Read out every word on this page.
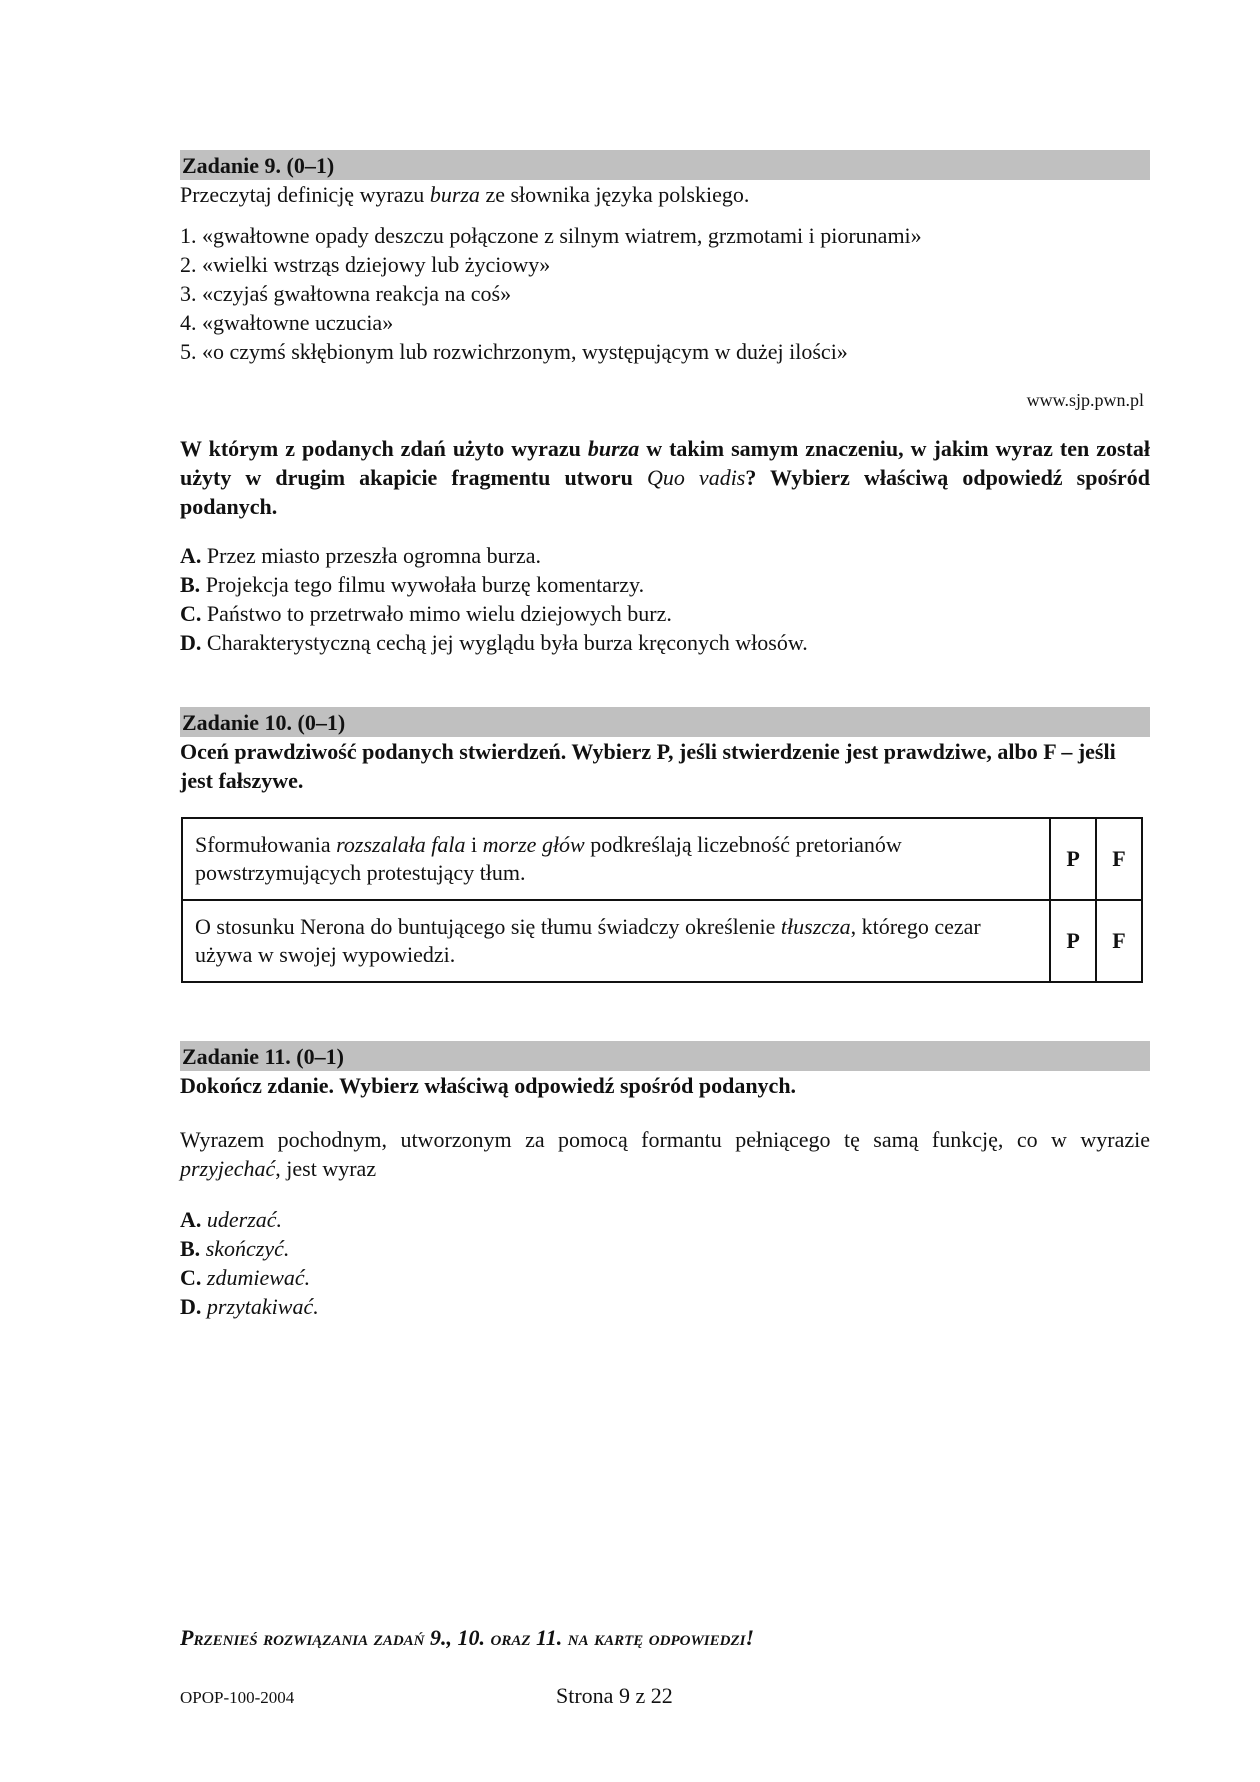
Zadanie 9. (0–1)

Przeczytaj definicję wyrazu burza ze słownika języka polskiego.

1. «gwałtowne opady deszczu połączone z silnym wiatrem, grzmotami i piorunami»
2. «wielki wstrząs dziejowy lub życiowy»
3. «czyjaś gwałtowna reakcja na coś»
4. «gwałtowne uczucia»
5. «o czymś skłębionym lub rozwichrzonym, występującym w dużej ilości»
www.sjp.pwn.pl

W którym z podanych zdań użyto wyrazu burza w takim samym znaczeniu, w jakim wyraz ten został użyty w drugim akapicie fragmentu utworu Quo vadis? Wybierz właściwą odpowiedź spośród podanych.

A. Przez miasto przeszła ogromna burza.
B. Projekcja tego filmu wywołała burzę komentarzy.
C. Państwo to przetrwało mimo wielu dziejowych burz.
D. Charakterystyczną cechą jej wyglądu była burza kręconych włosów.
Zadanie 10. (0–1)

Oceń prawdziwość podanych stwierdzeń. Wybierz P, jeśli stwierdzenie jest prawdziwe, albo F – jeśli jest fałszywe.

Sformułowania rozszalała fala i morze głów podkreślają liczebność pretorianów powstrzymujących protestujący tłum.	P	F
O stosunku Nerona do buntującego się tłumu świadczy określenie tłuszcza, którego cezar używa w swojej wypowiedzi.	P	F
Zadanie 11. (0–1)

Dokończ zdanie. Wybierz właściwą odpowiedź spośród podanych.

Wyrazem pochodnym, utworzonym za pomocą formantu pełniącego tę samą funkcję, co w wyrazie przyjechać, jest wyraz

A. uderzać.
B. skończyć.
C. zdumiewać.
D. przytakiwać.
Przenieś rozwiązania zadań 9., 10. oraz 11. na kartę odpowiedzi!
OPOP-100-2004	Strona 9 z 22
